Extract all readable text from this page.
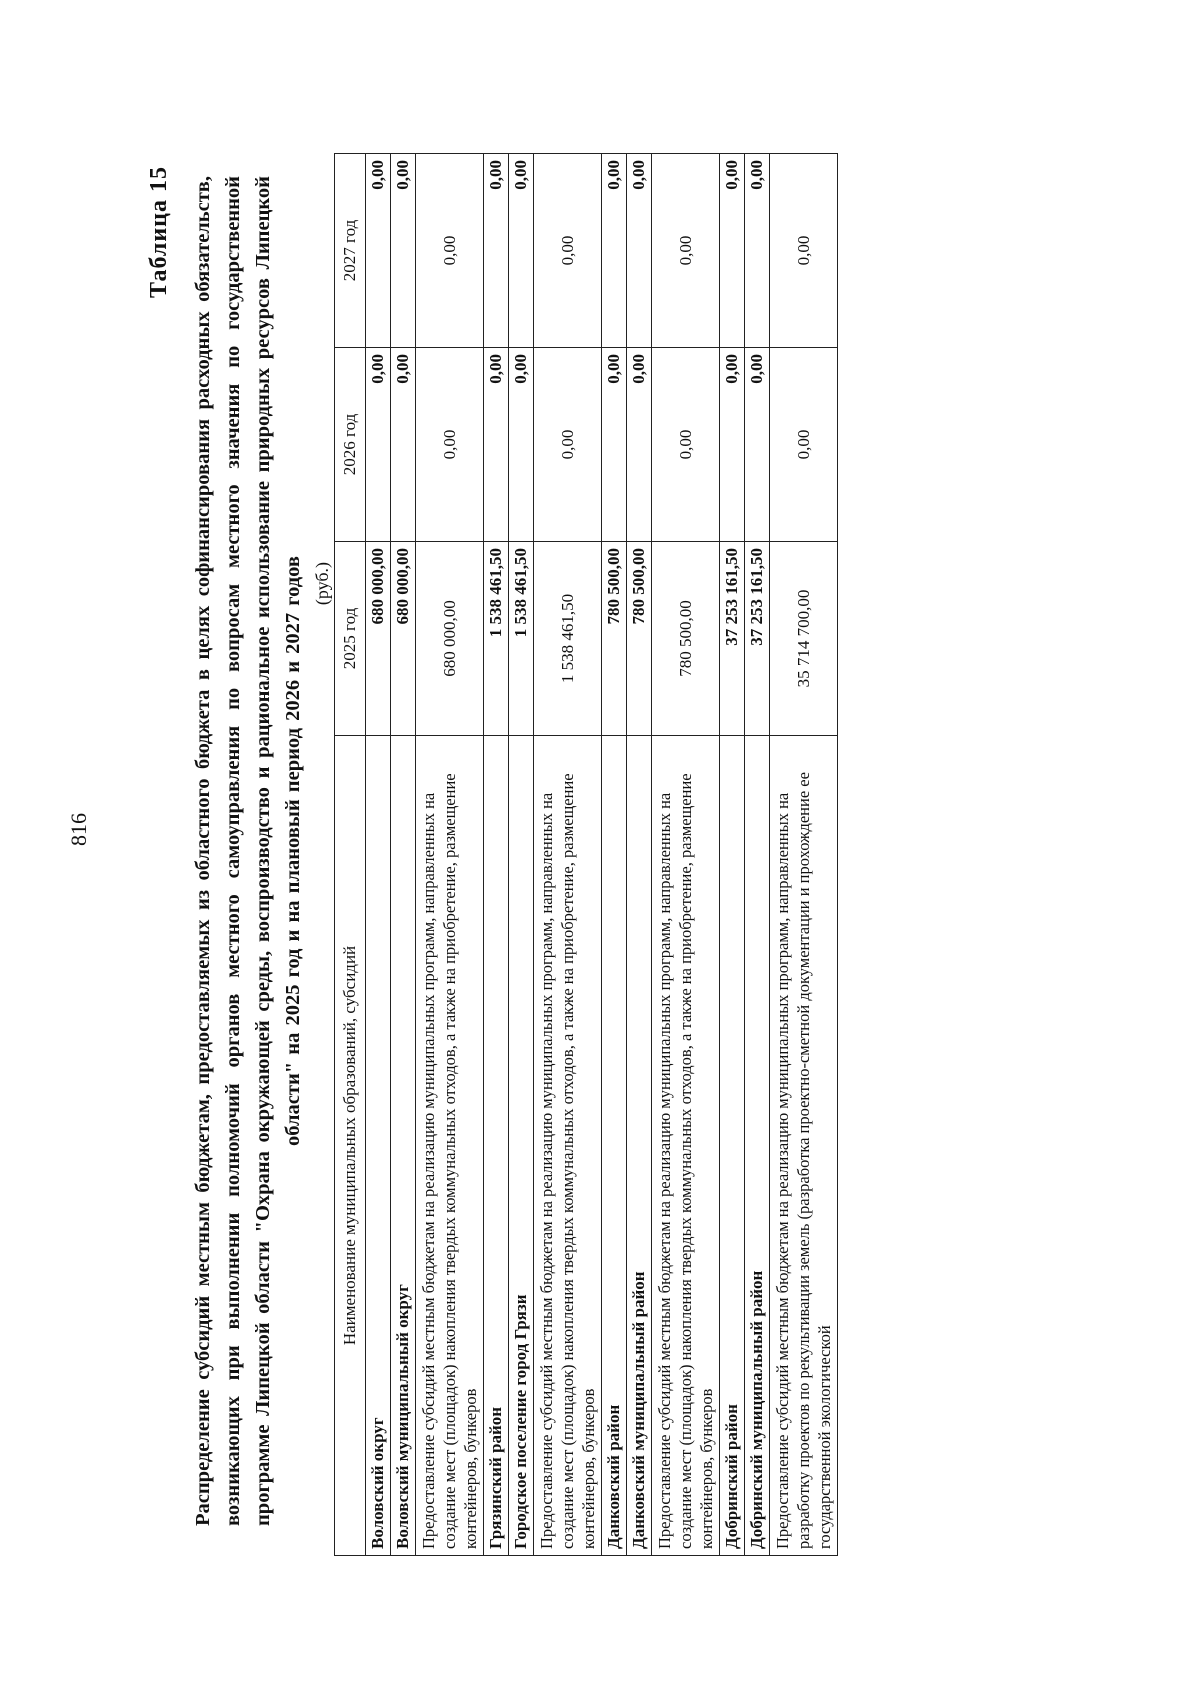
816
Таблица 15 Распределение субсидий местным бюджетам, предоставляемых из областного бюджета в целях софинансирования расходных обязательств, возникающих при выполнении полномочий органов местного самоуправления по вопросам местного значения по государственной программе Липецкой области "Охрана окружающей среды, воспроизводство и рациональное использование природных ресурсов Липецкой области" на 2025 год и на плановый период 2026 и 2027 годов (руб.)
Наименование муниципальных образований, субсидий	2025 год	2026 год	2027 год
Воловский округ	680 000,00	0,00	0,00
Воловский муниципальный округ	680 000,00	0,00	0,00
Предоставление субсидий местным бюджетам на реализацию муниципальных программ, направленных на создание мест (площадок) накопления твердых коммунальных отходов, а также на приобретение, размещение контейнеров, бункеров	680 000,00	0,00	0,00
Грязинский район	1 538 461,50	0,00	0,00
Городское поселение город Грязи	1 538 461,50	0,00	0,00
Предоставление субсидий местным бюджетам на реализацию муниципальных программ, направленных на создание мест (площадок) накопления твердых коммунальных отходов, а также на приобретение, размещение контейнеров, бункеров	1 538 461,50	0,00	0,00
Данковский район	780 500,00	0,00	0,00
Данковский муниципальный район	780 500,00	0,00	0,00
Предоставление субсидий местным бюджетам на реализацию муниципальных программ, направленных на создание мест (площадок) накопления твердых коммунальных отходов, а также на приобретение, размещение контейнеров, бункеров	780 500,00	0,00	0,00
Добринский район	37 253 161,50	0,00	0,00
Добринский муниципальный район	37 253 161,50	0,00	0,00
Предоставление субсидий местным бюджетам на реализацию муниципальных программ, направленных на разработку проектов по рекультивации земель (разработка проектно-сметной документации и прохождение ее государственной экологической	35 714 700,00	0,00	0,00
